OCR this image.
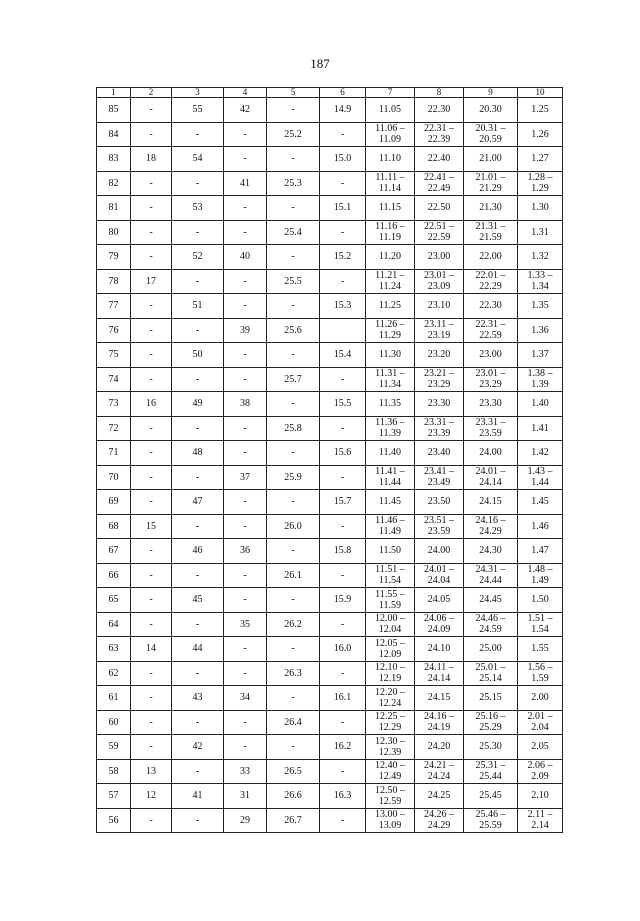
187
1	2	3	4	5	6	7	8	9	10
85	-	55	42	-	14.9	11.05	22.30	20.30	1.25
84	-	-	-	25.2	-	11.06 – 11.09	22.31 – 22.39	20.31 – 20.59	1.26
83	18	54	-	-	15.0	11.10	22.40	21.00	1.27
82	-	-	41	25.3	-	11.11 – 11.14	22.41 – 22.49	21.01 – 21.29	1.28 – 1.29
81	-	53	-	-	15.1	11.15	22.50	21.30	1.30
80	-	-	-	25.4	-	11.16 – 11.19	22.51 – 22.59	21.31 – 21.59	1.31
79	-	52	40	-	15.2	11.20	23.00	22.00	1.32
78	17	-	-	25.5	-	11.21 – 11.24	23.01 – 23.09	22.01 – 22.29	1.33 – 1.34
77	-	51	-	-	15.3	11.25	23.10	22.30	1.35
76	-	-	39	25.6		11.26 – 11.29	23.11 – 23.19	22.31 – 22.59	1.36
75	-	50	-	-	15.4	11.30	23.20	23.00	1.37
74	-	-	-	25.7	-	11.31 – 11.34	23.21 – 23.29	23.01 – 23.29	1.38 – 1.39
73	16	49	38	-	15.5	11.35	23.30	23.30	1.40
72	-	-	-	25.8	-	11.36 – 11.39	23.31 – 23.39	23.31 – 23.59	1.41
71	-	48	-	-	15.6	11.40	23.40	24.00	1.42
70	-	-	37	25.9	-	11.41 – 11.44	23.41 – 23.49	24.01 – 24.14	1.43 – 1.44
69	-	47	-	-	15.7	11.45	23.50	24.15	1.45
68	15	-	-	26.0	-	11.46 – 11.49	23.51 – 23.59	24.16 – 24.29	1.46
67	-	46	36	-	15.8	11.50	24.00	24.30	1.47
66	-	-	-	26.1	-	11.51 – 11.54	24.01 – 24.04	24.31 – 24.44	1.48 – 1.49
65	-	45	-	-	15.9	11.55 – 11.59	24.05	24.45	1.50
64	-	-	35	26.2	-	12.00 – 12.04	24.06 – 24.09	24.46 – 24.59	1.51 – 1.54
63	14	44	-	-	16.0	12.05 – 12.09	24.10	25.00	1.55
62	-	-	-	26.3	-	12.10 – 12.19	24.11 – 24.14	25.01 – 25.14	1.56 – 1.59
61	-	43	34	-	16.1	12.20 – 12.24	24.15	25.15	2.00
60	-	-	-	26.4	-	12.25 – 12.29	24.16 – 24.19	25.16 – 25.29	2.01 – 2.04
59	-	42	-	-	16.2	12.30 – 12.39	24.20	25.30	2.05
58	13	-	33	26.5	-	12.40 – 12.49	24.21 – 24.24	25.31 – 25.44	2.06 – 2.09
57	12	41	31	26.6	16.3	12.50 – 12.59	24.25	25.45	2.10
56	-	-	29	26.7	-	13.00 – 13.09	24.26 – 24.29	25.46 – 25.59	2.11 – 2.14
